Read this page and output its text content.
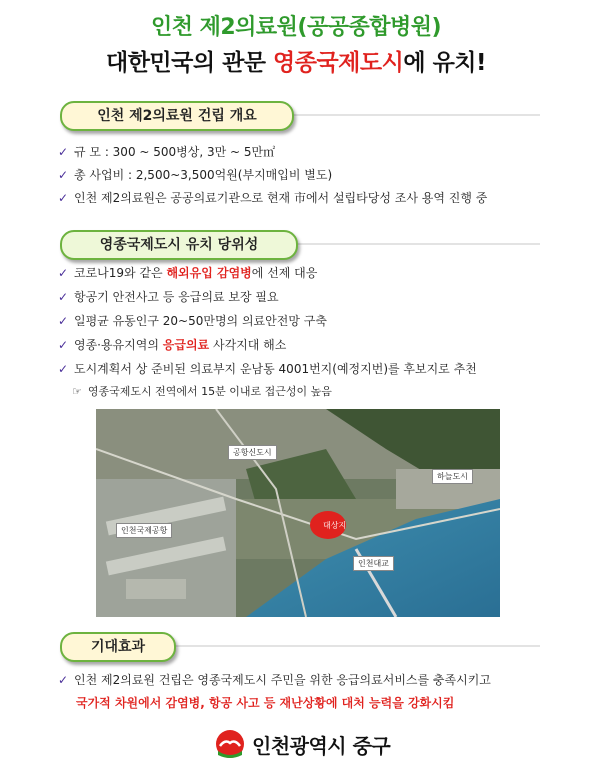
인천 제2의료원(공공종합병원)
대한민국의 관문 영종국제도시에 유치!
인천 제2의료원 건립 개요
✓ 규 모 : 300 ~ 500병상, 3만 ~ 5만㎡
✓ 총 사업비 : 2,500~3,500억원(부지매입비 별도)
✓ 인천 제2의료원은 공공의료기관으로 현재 市에서 설립타당성 조사 용역 진행 중
영종국제도시 유치 당위성
✓ 코로나19와 같은 해외유입 감염병에 선제 대응
✓ 항공기 안전사고 등 응급의료 보장 필요
✓ 일평균 유동인구 20~50만명의 의료안전망 구축
✓ 영종·용유지역의 응급의료 사각지대 해소
✓ 도시계획서 상 준비된 의료부지 운남동 4001번지(예정지번)를 후보지로 추천
☞ 영종국제도시 전역에서 15분 이내로 접근성이 높음
공항신도시
하늘도시
인천국제공항
대상지
인천대교
기대효과
✓ 인천 제2의료원 건립은 영종국제도시 주민을 위한 응급의료서비스를 충족시키고
국가적 차원에서 감염병, 항공 사고 등 재난상황에 대처 능력을 강화시킴
인천광역시 중구
